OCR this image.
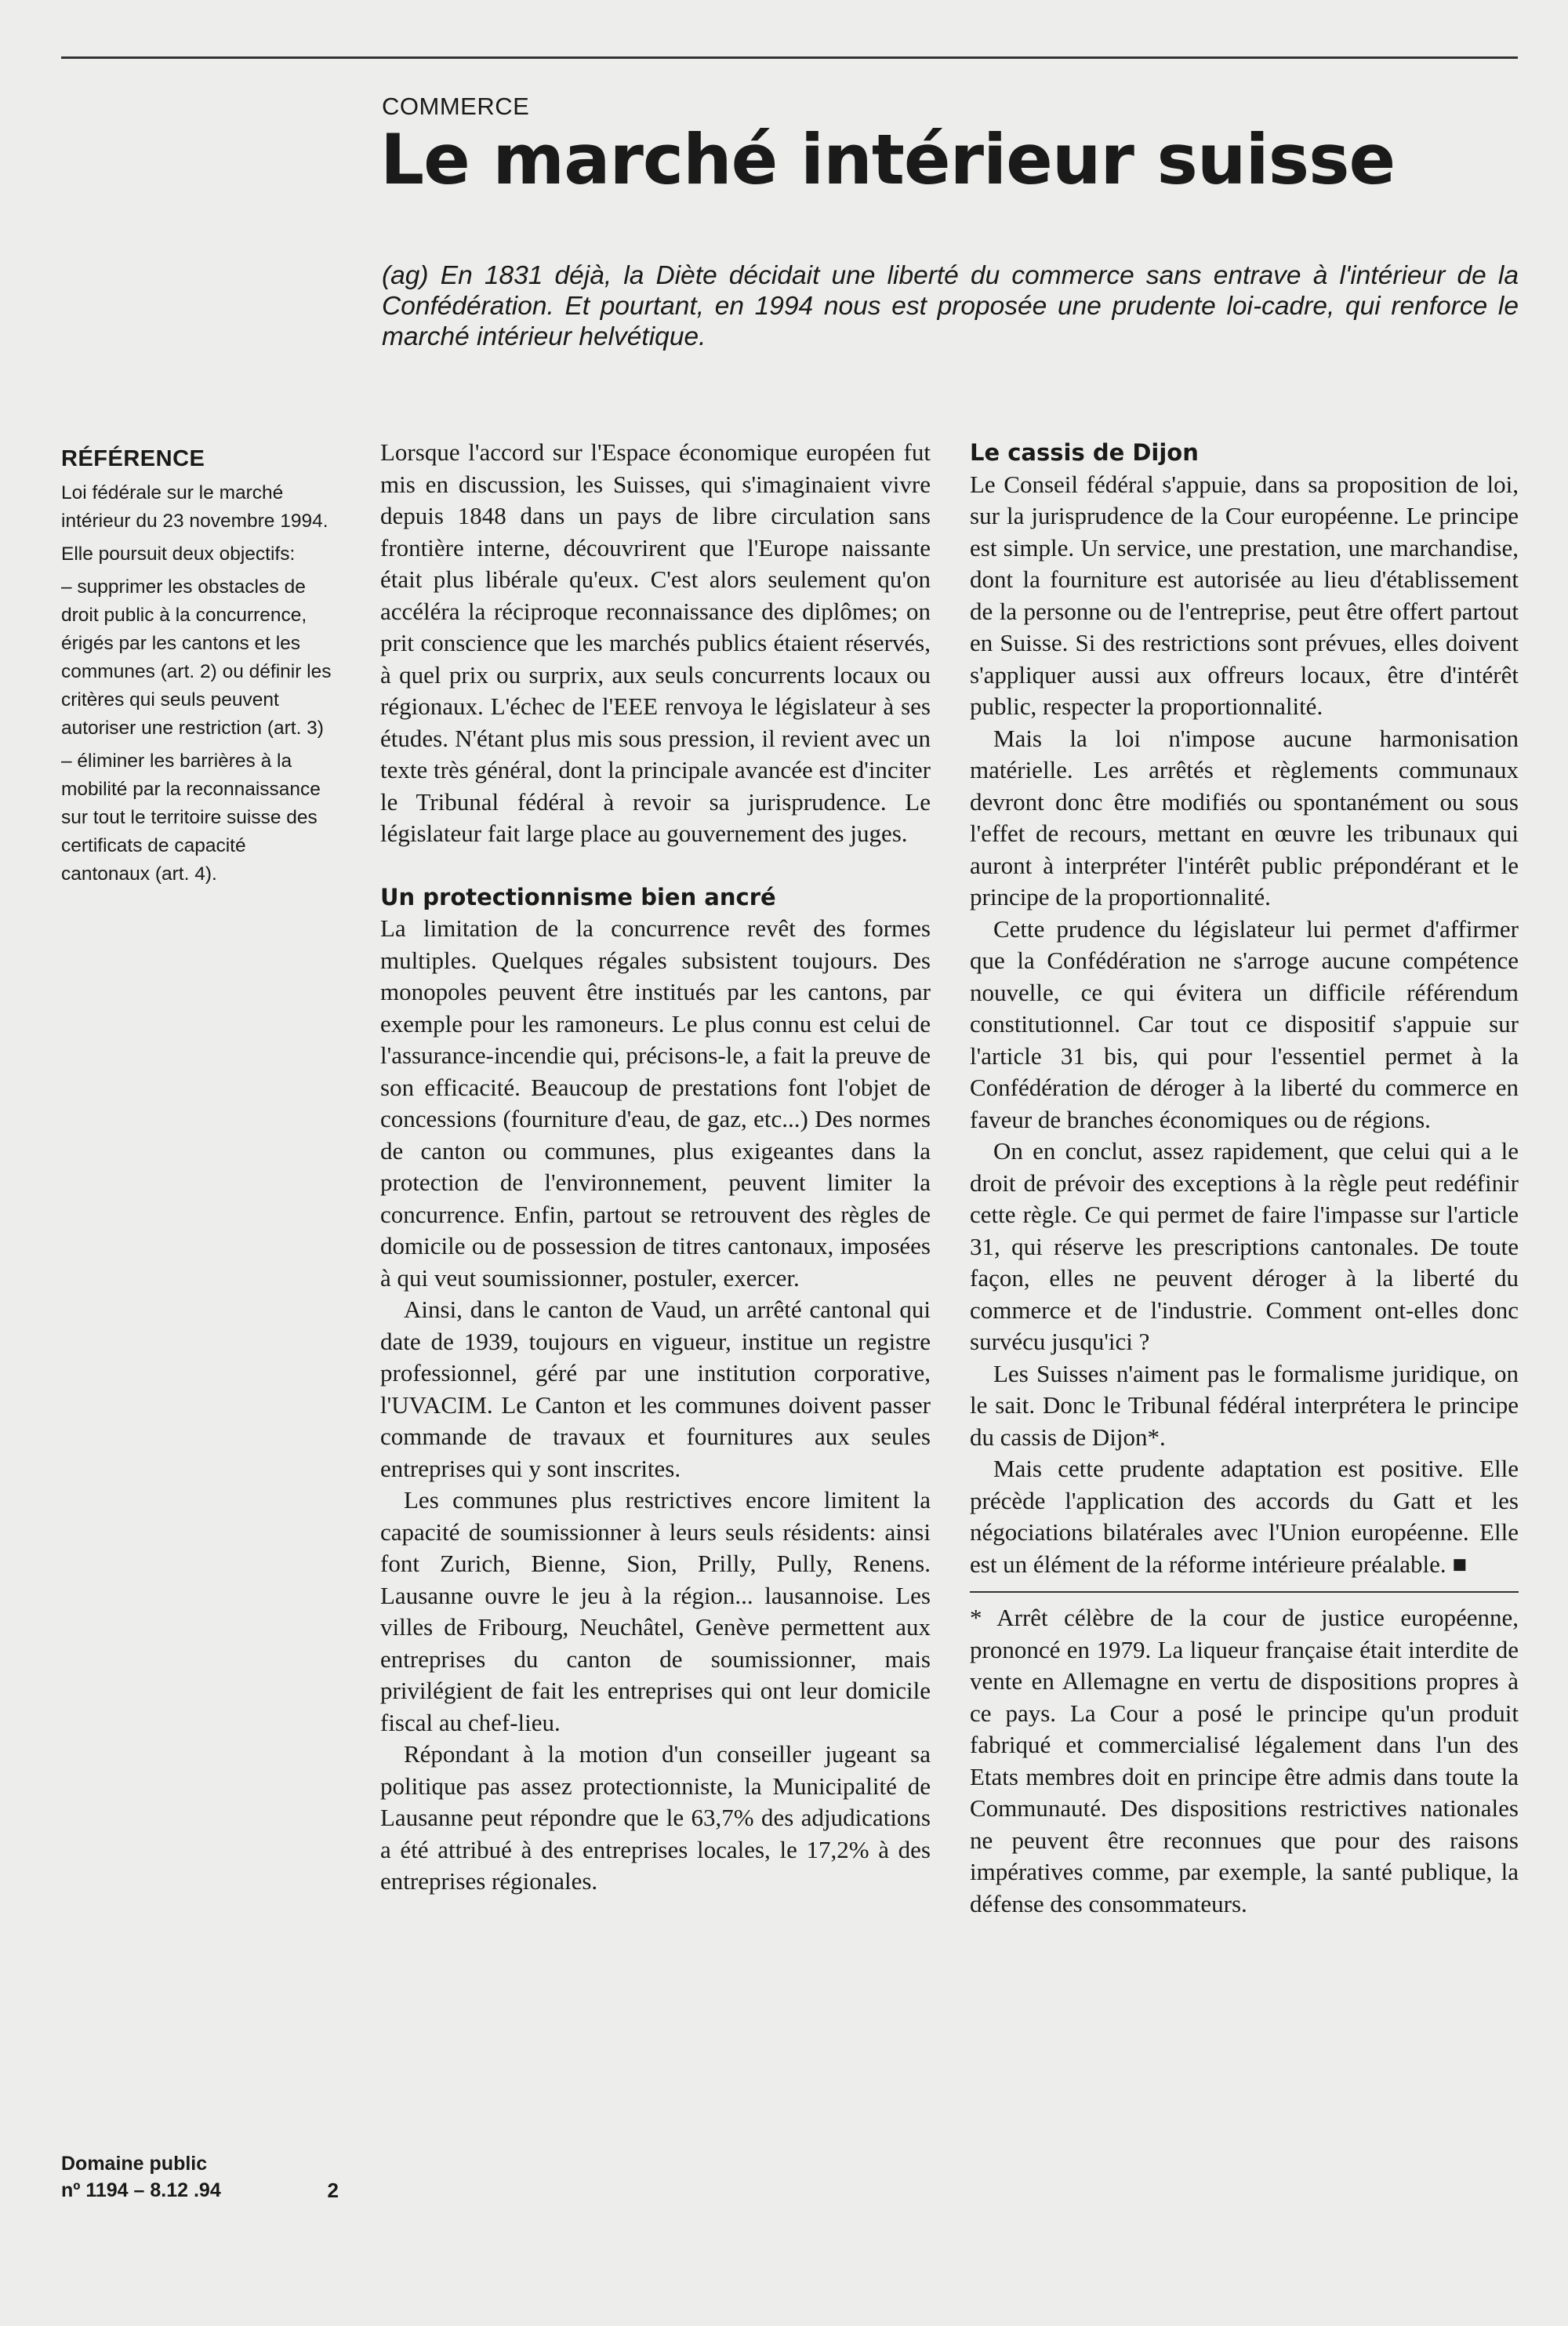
COMMERCE
Le marché intérieur suisse

(ag) En 1831 déjà, la Diète décidait une liberté du commerce sans entrave à l'intérieur de la Confédération. Et pourtant, en 1994 nous est proposée une prudente loi-cadre, qui renforce le marché intérieur helvétique.

RÉFÉRENCE

Loi fédérale sur le marché intérieur du 23 novembre 1994.

Elle poursuit deux objectifs:

– supprimer les obstacles de droit public à la concurrence, érigés par les cantons et les communes (art. 2) ou définir les critères qui seuls peuvent autoriser une restriction (art. 3)

– éliminer les barrières à la mobilité par la reconnaissance sur tout le territoire suisse des certificats de capacité cantonaux (art. 4).

Domaine public
nº 1194 – 8.12 .94	2

Lorsque l'accord sur l'Espace économique européen fut mis en discussion, les Suisses, qui s'imaginaient vivre depuis 1848 dans un pays de libre circulation sans frontière interne, découvrirent que l'Europe naissante était plus libérale qu'eux. C'est alors seulement qu'on accéléra la réciproque reconnaissance des diplômes; on prit conscience que les marchés publics étaient réservés, à quel prix ou surprix, aux seuls concurrents locaux ou régionaux. L'échec de l'EEE renvoya le législateur à ses études. N'étant plus mis sous pression, il revient avec un texte très général, dont la principale avancée est d'inciter le Tribunal fédéral à revoir sa jurisprudence. Le législateur fait large place au gouvernement des juges.

Un protectionnisme bien ancré

La limitation de la concurrence revêt des formes multiples. Quelques régales subsistent toujours. Des monopoles peuvent être institués par les cantons, par exemple pour les ramoneurs. Le plus connu est celui de l'assurance-incendie qui, précisons-le, a fait la preuve de son efficacité. Beaucoup de prestations font l'objet de concessions (fourniture d'eau, de gaz, etc...) Des normes de canton ou communes, plus exigeantes dans la protection de l'environnement, peuvent limiter la concurrence. Enfin, partout se retrouvent des règles de domicile ou de possession de titres cantonaux, imposées à qui veut soumissionner, postuler, exercer.

Ainsi, dans le canton de Vaud, un arrêté cantonal qui date de 1939, toujours en vigueur, institue un registre professionnel, géré par une institution corporative, l'UVACIM. Le Canton et les communes doivent passer commande de travaux et fournitures aux seules entreprises qui y sont inscrites.

Les communes plus restrictives encore limitent la capacité de soumissionner à leurs seuls résidents: ainsi font Zurich, Bienne, Sion, Prilly, Pully, Renens. Lausanne ouvre le jeu à la région... lausannoise. Les villes de Fribourg, Neuchâtel, Genève permettent aux entreprises du canton de soumissionner, mais privilégient de fait les entreprises qui ont leur domicile fiscal au chef-lieu.

Répondant à la motion d'un conseiller jugeant sa politique pas assez protectionniste, la Municipalité de Lausanne peut répondre que le 63,7% des adjudications a été attribué à des entreprises locales, le 17,2% à des entreprises régionales.

Le cassis de Dijon

Le Conseil fédéral s'appuie, dans sa proposition de loi, sur la jurisprudence de la Cour européenne. Le principe est simple. Un service, une prestation, une marchandise, dont la fourniture est autorisée au lieu d'établissement de la personne ou de l'entreprise, peut être offert partout en Suisse. Si des restrictions sont prévues, elles doivent s'appliquer aussi aux offreurs locaux, être d'intérêt public, respecter la proportionnalité.

Mais la loi n'impose aucune harmonisation matérielle. Les arrêtés et règlements communaux devront donc être modifiés ou spontanément ou sous l'effet de recours, mettant en œuvre les tribunaux qui auront à interpréter l'intérêt public prépondérant et le principe de la proportionnalité.

Cette prudence du législateur lui permet d'affirmer que la Confédération ne s'arroge aucune compétence nouvelle, ce qui évitera un difficile référendum constitutionnel. Car tout ce dispositif s'appuie sur l'article 31 bis, qui pour l'essentiel permet à la Confédération de déroger à la liberté du commerce en faveur de branches économiques ou de régions.

On en conclut, assez rapidement, que celui qui a le droit de prévoir des exceptions à la règle peut redéfinir cette règle. Ce qui permet de faire l'impasse sur l'article 31, qui réserve les prescriptions cantonales. De toute façon, elles ne peuvent déroger à la liberté du commerce et de l'industrie. Comment ont-elles donc survécu jusqu'ici ?

Les Suisses n'aiment pas le formalisme juridique, on le sait. Donc le Tribunal fédéral interprétera le principe du cassis de Dijon*.

Mais cette prudente adaptation est positive. Elle précède l'application des accords du Gatt et les négociations bilatérales avec l'Union européenne. Elle est un élément de la réforme intérieure préalable. ■

* Arrêt célèbre de la cour de justice européenne, prononcé en 1979. La liqueur française était interdite de vente en Allemagne en vertu de dispositions propres à ce pays. La Cour a posé le principe qu'un produit fabriqué et commercialisé légalement dans l'un des Etats membres doit en principe être admis dans toute la Communauté. Des dispositions restrictives nationales ne peuvent être reconnues que pour des raisons impératives comme, par exemple, la santé publique, la défense des consommateurs.
